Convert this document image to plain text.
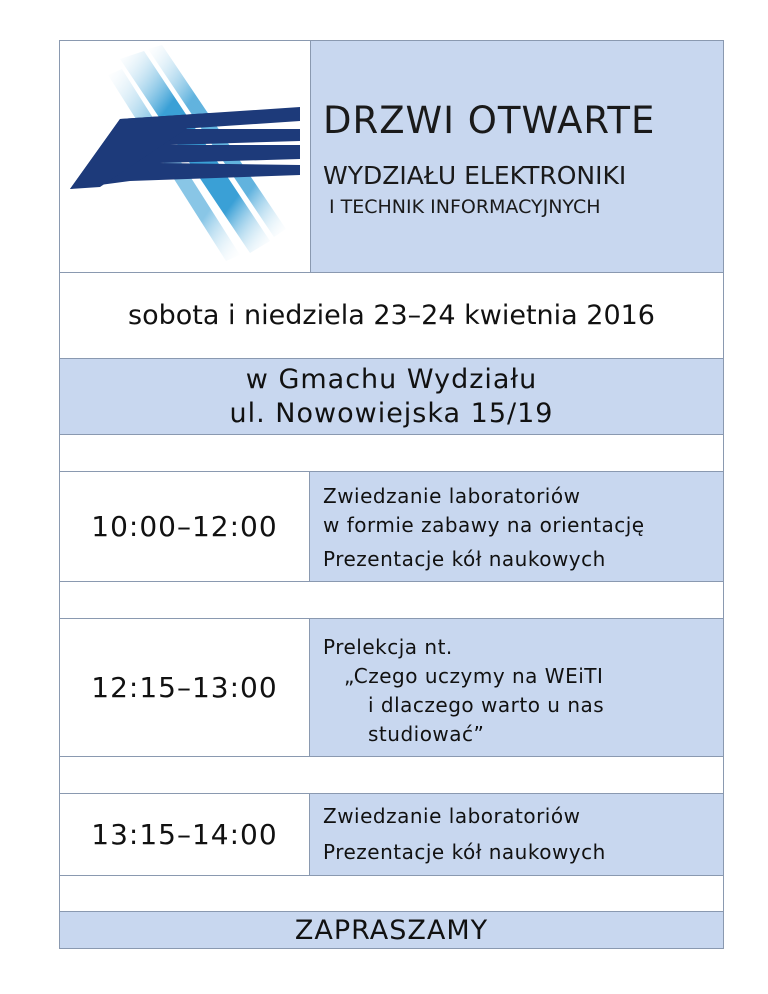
DRZWI OTWARTE
WYDZIAŁU ELEKTRONIKI
I TECHNIK INFORMACYJNYCH
sobota i niedziela 23–24 kwietnia 2016
w Gmachu Wydziału
ul. Nowowiejska 15/19
10:00–12:00
Zwiedzanie laboratoriów
w formie zabawy na orientację
Prezentacje kół naukowych
12:15–13:00
Prelekcja nt.
„Czego uczymy na WEiTI
i dlaczego warto u nas
studiować”
13:15–14:00
Zwiedzanie laboratoriów
Prezentacje kół naukowych
ZAPRASZAMY
